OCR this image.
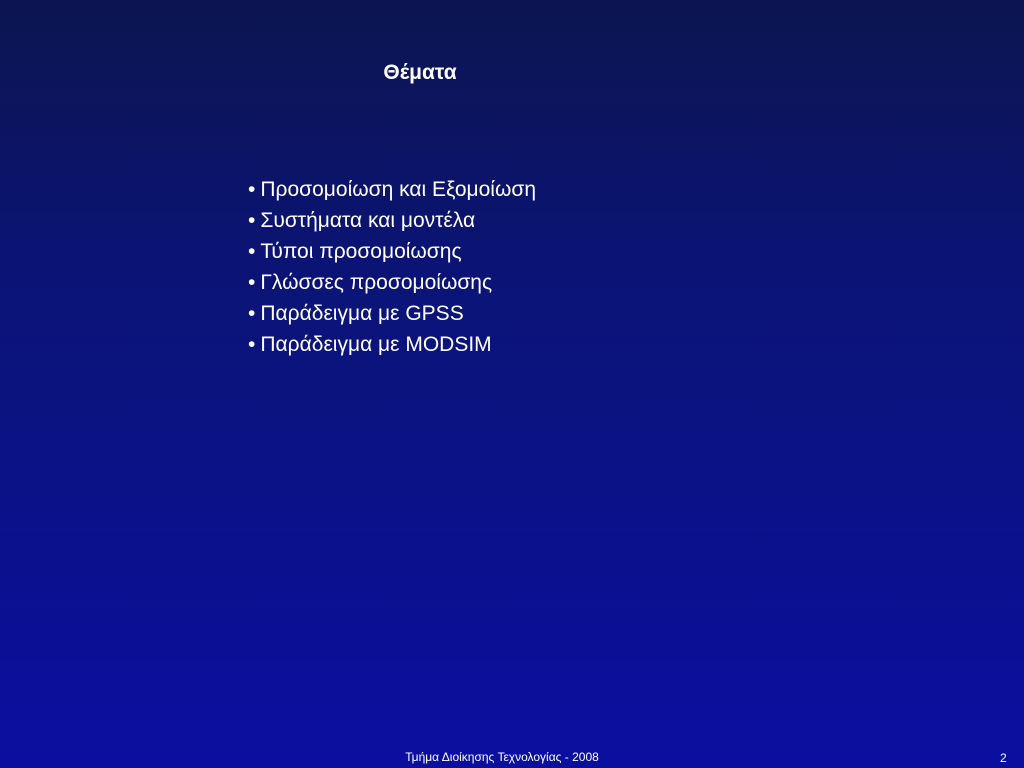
Θέματα
• Προσομοίωση και Εξομοίωση
• Συστήματα και μοντέλα
• Τύποι προσομοίωσης
• Γλώσσες προσομοίωσης
• Παράδειγμα με GPSS
• Παράδειγμα με MODSIM
Τμήμα Διοίκησης Τεχνολογίας - 2008	2
